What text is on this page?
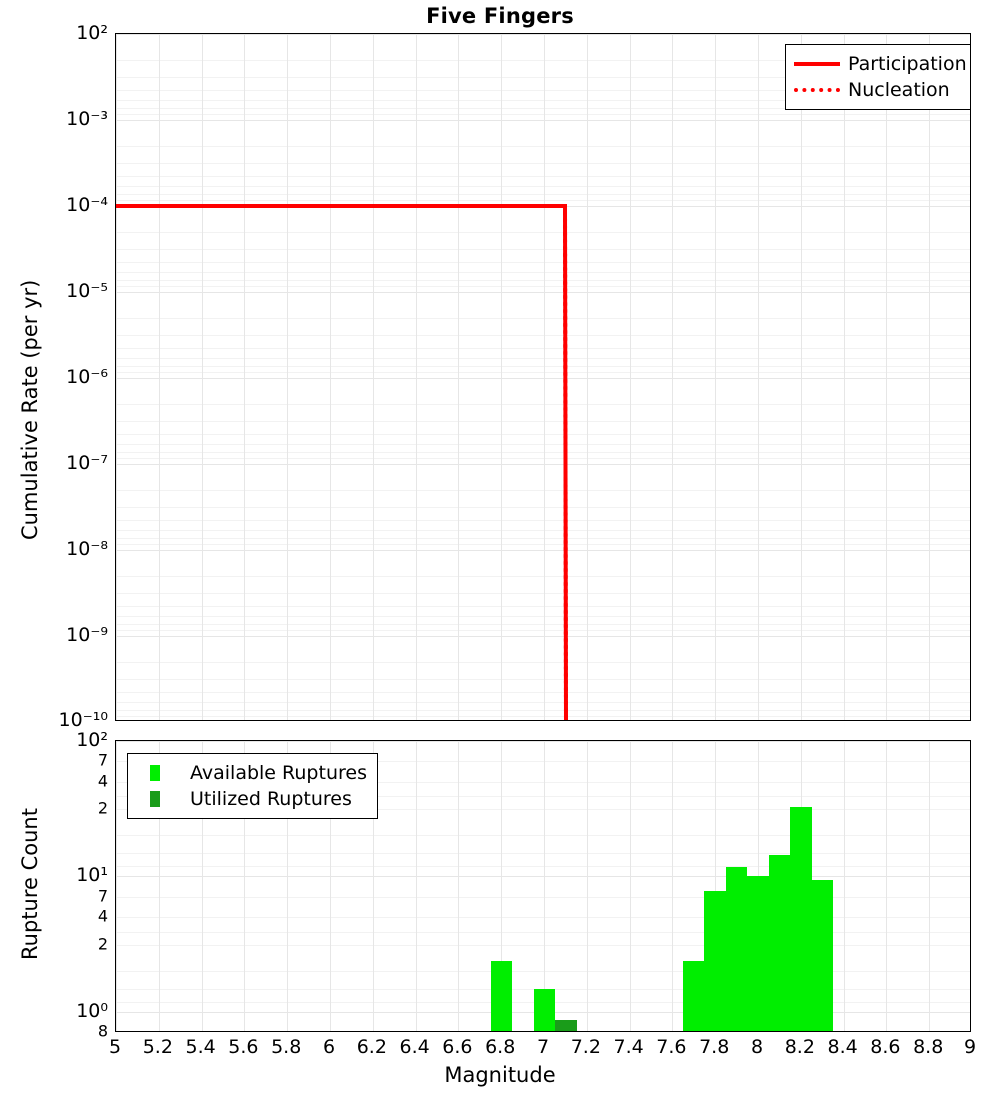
Five Fingers
Participation
Nucleation
10²
10⁻³
10⁻⁴
10⁻⁵
10⁻⁶
10⁻⁷
10⁻⁸
10⁻⁹
10⁻¹⁰
Cumulative Rate (per yr)
Available Ruptures
Utilized Ruptures
10²
7
4
2
10¹
7
4
2
10⁰
8
Rupture Count
5 5.2 5.4 5.6 5.8 6 6.2 6.4 6.6 6.8 7 7.2 7.4 7.6 7.8 8 8.2 8.4 8.6 8.8 9
Magnitude
